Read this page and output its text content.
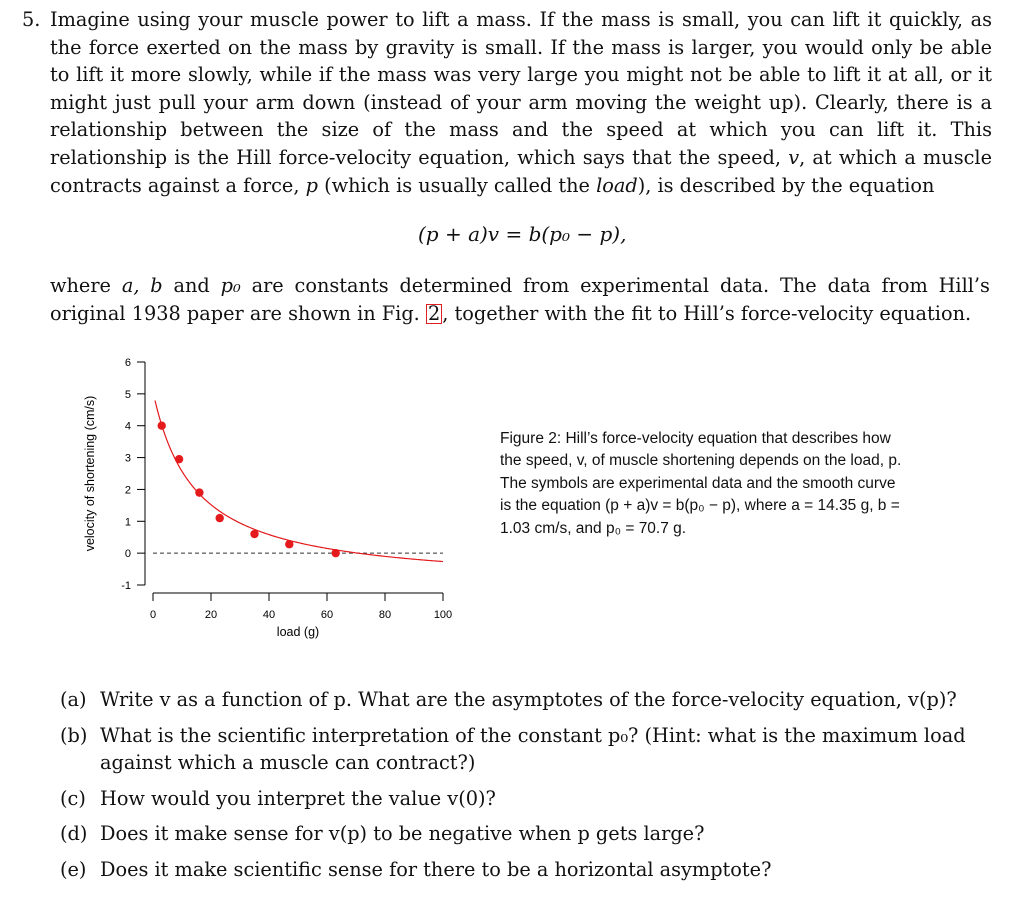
5. Imagine using your muscle power to lift a mass. If the mass is small, you can lift it quickly, as the force exerted on the mass by gravity is small. If the mass is larger, you would only be able to lift it more slowly, while if the mass was very large you might not be able to lift it at all, or it might just pull your arm down (instead of your arm moving the weight up). Clearly, there is a relationship between the size of the mass and the speed at which you can lift it. This relationship is the Hill force-velocity equation, which says that the speed, v, at which a muscle contracts against a force, p (which is usually called the load), is described by the equation
(p + a)v = b(p₀ − p),
where a, b and p₀ are constants determined from experimental data. The data from Hill’s original 1938 paper are shown in Fig. 2 , together with the fit to Hill’s force-velocity equation.
-1
0
1
2
3
4
5
6
0	20	40	60	80	100
load (g)
velocity of shortening (cm/s)	Figure 2: Hill’s force-velocity equation that describes how the speed, v, of muscle shortening depends on the load, p. The symbols are experimental data and the smooth curve is the equation (p + a)v = b(p₀ − p), where a = 14.35 g, b = 1.03 cm/s, and p₀ = 70.7 g.
(a) Write v as a function of p. What are the asymptotes of the force-velocity equation, v(p)?
(b) What is the scientific interpretation of the constant p₀? (Hint: what is the maximum load against which a muscle can contract?)
(c) How would you interpret the value v(0)?
(d) Does it make sense for v(p) to be negative when p gets large?
(e) Does it make scientific sense for there to be a horizontal asymptote?
